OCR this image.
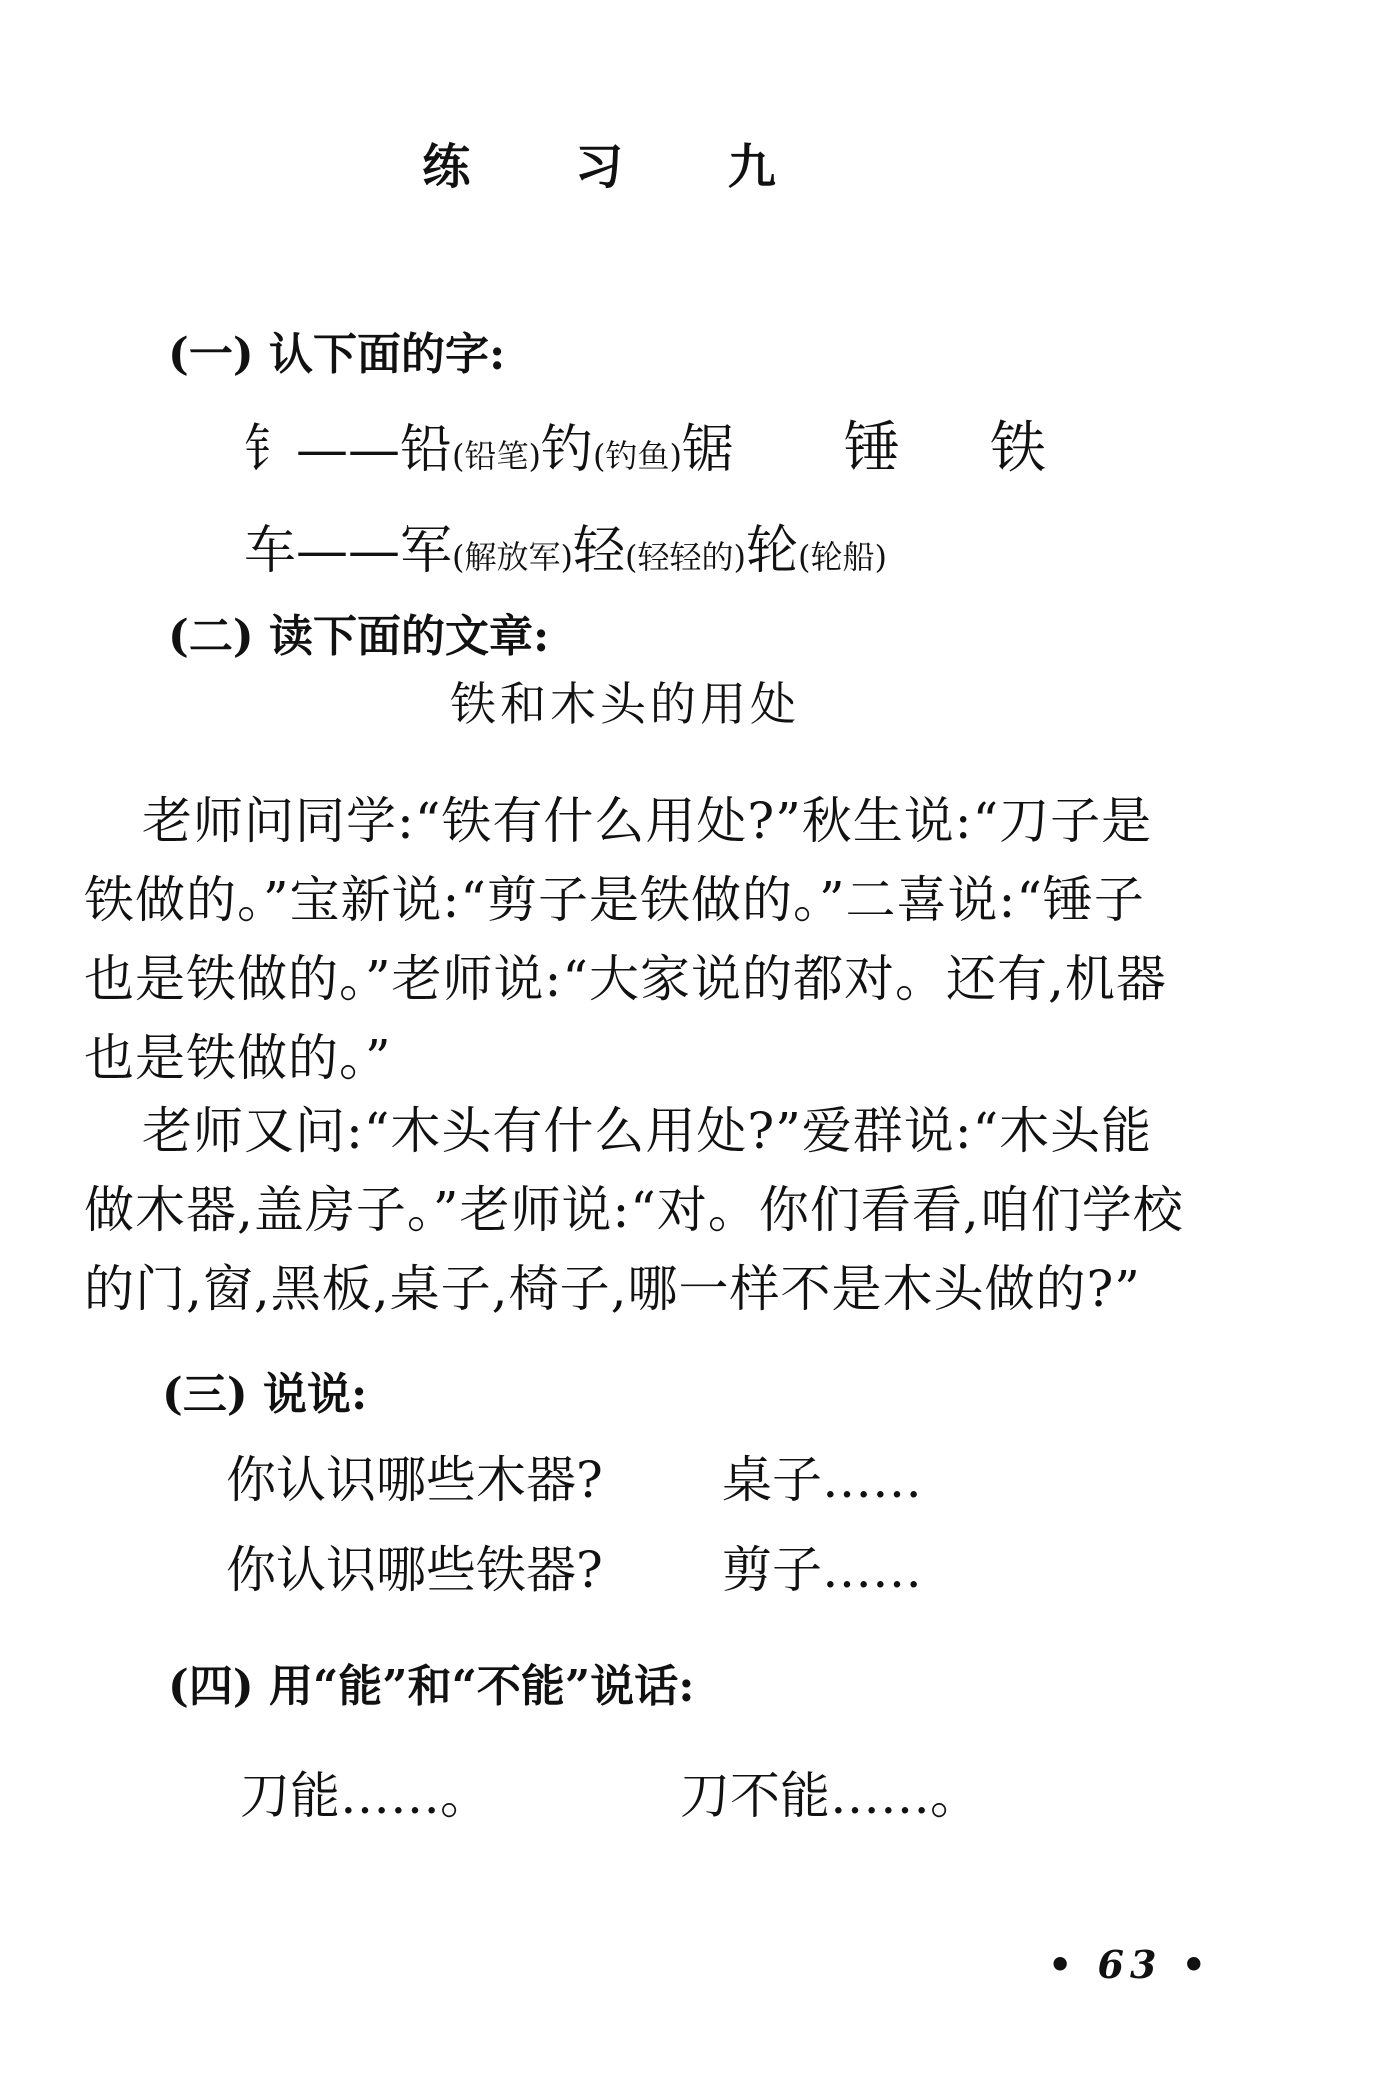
练 习 九
(一) 认下面的字:
钅——铅(铅笔)钓(钓鱼)锯 锤 铁
车——军(解放军)轻(轻轻的)轮(轮船)
(二) 读下面的文章:
铁和木头的用处
老师问同学:“铁有什么用处?”秋生说:“刀子是铁做的。”宝新说:“剪子是铁做的。”二喜说:“锤子也是铁做的。”老师说:“大家说的都对。还有,机器也是铁做的。”
老师又问:“木头有什么用处?”爱群说:“木头能做木器,盖房子。”老师说:“对。你们看看,咱们学校的门,窗,黑板,桌子,椅子,哪一样不是木头做的?”
(三) 说说:
你认识哪些木器? 桌子……
你认识哪些铁器? 剪子……
(四) 用“能”和“不能”说话:
刀能……。	刀不能……。
• 63 •
